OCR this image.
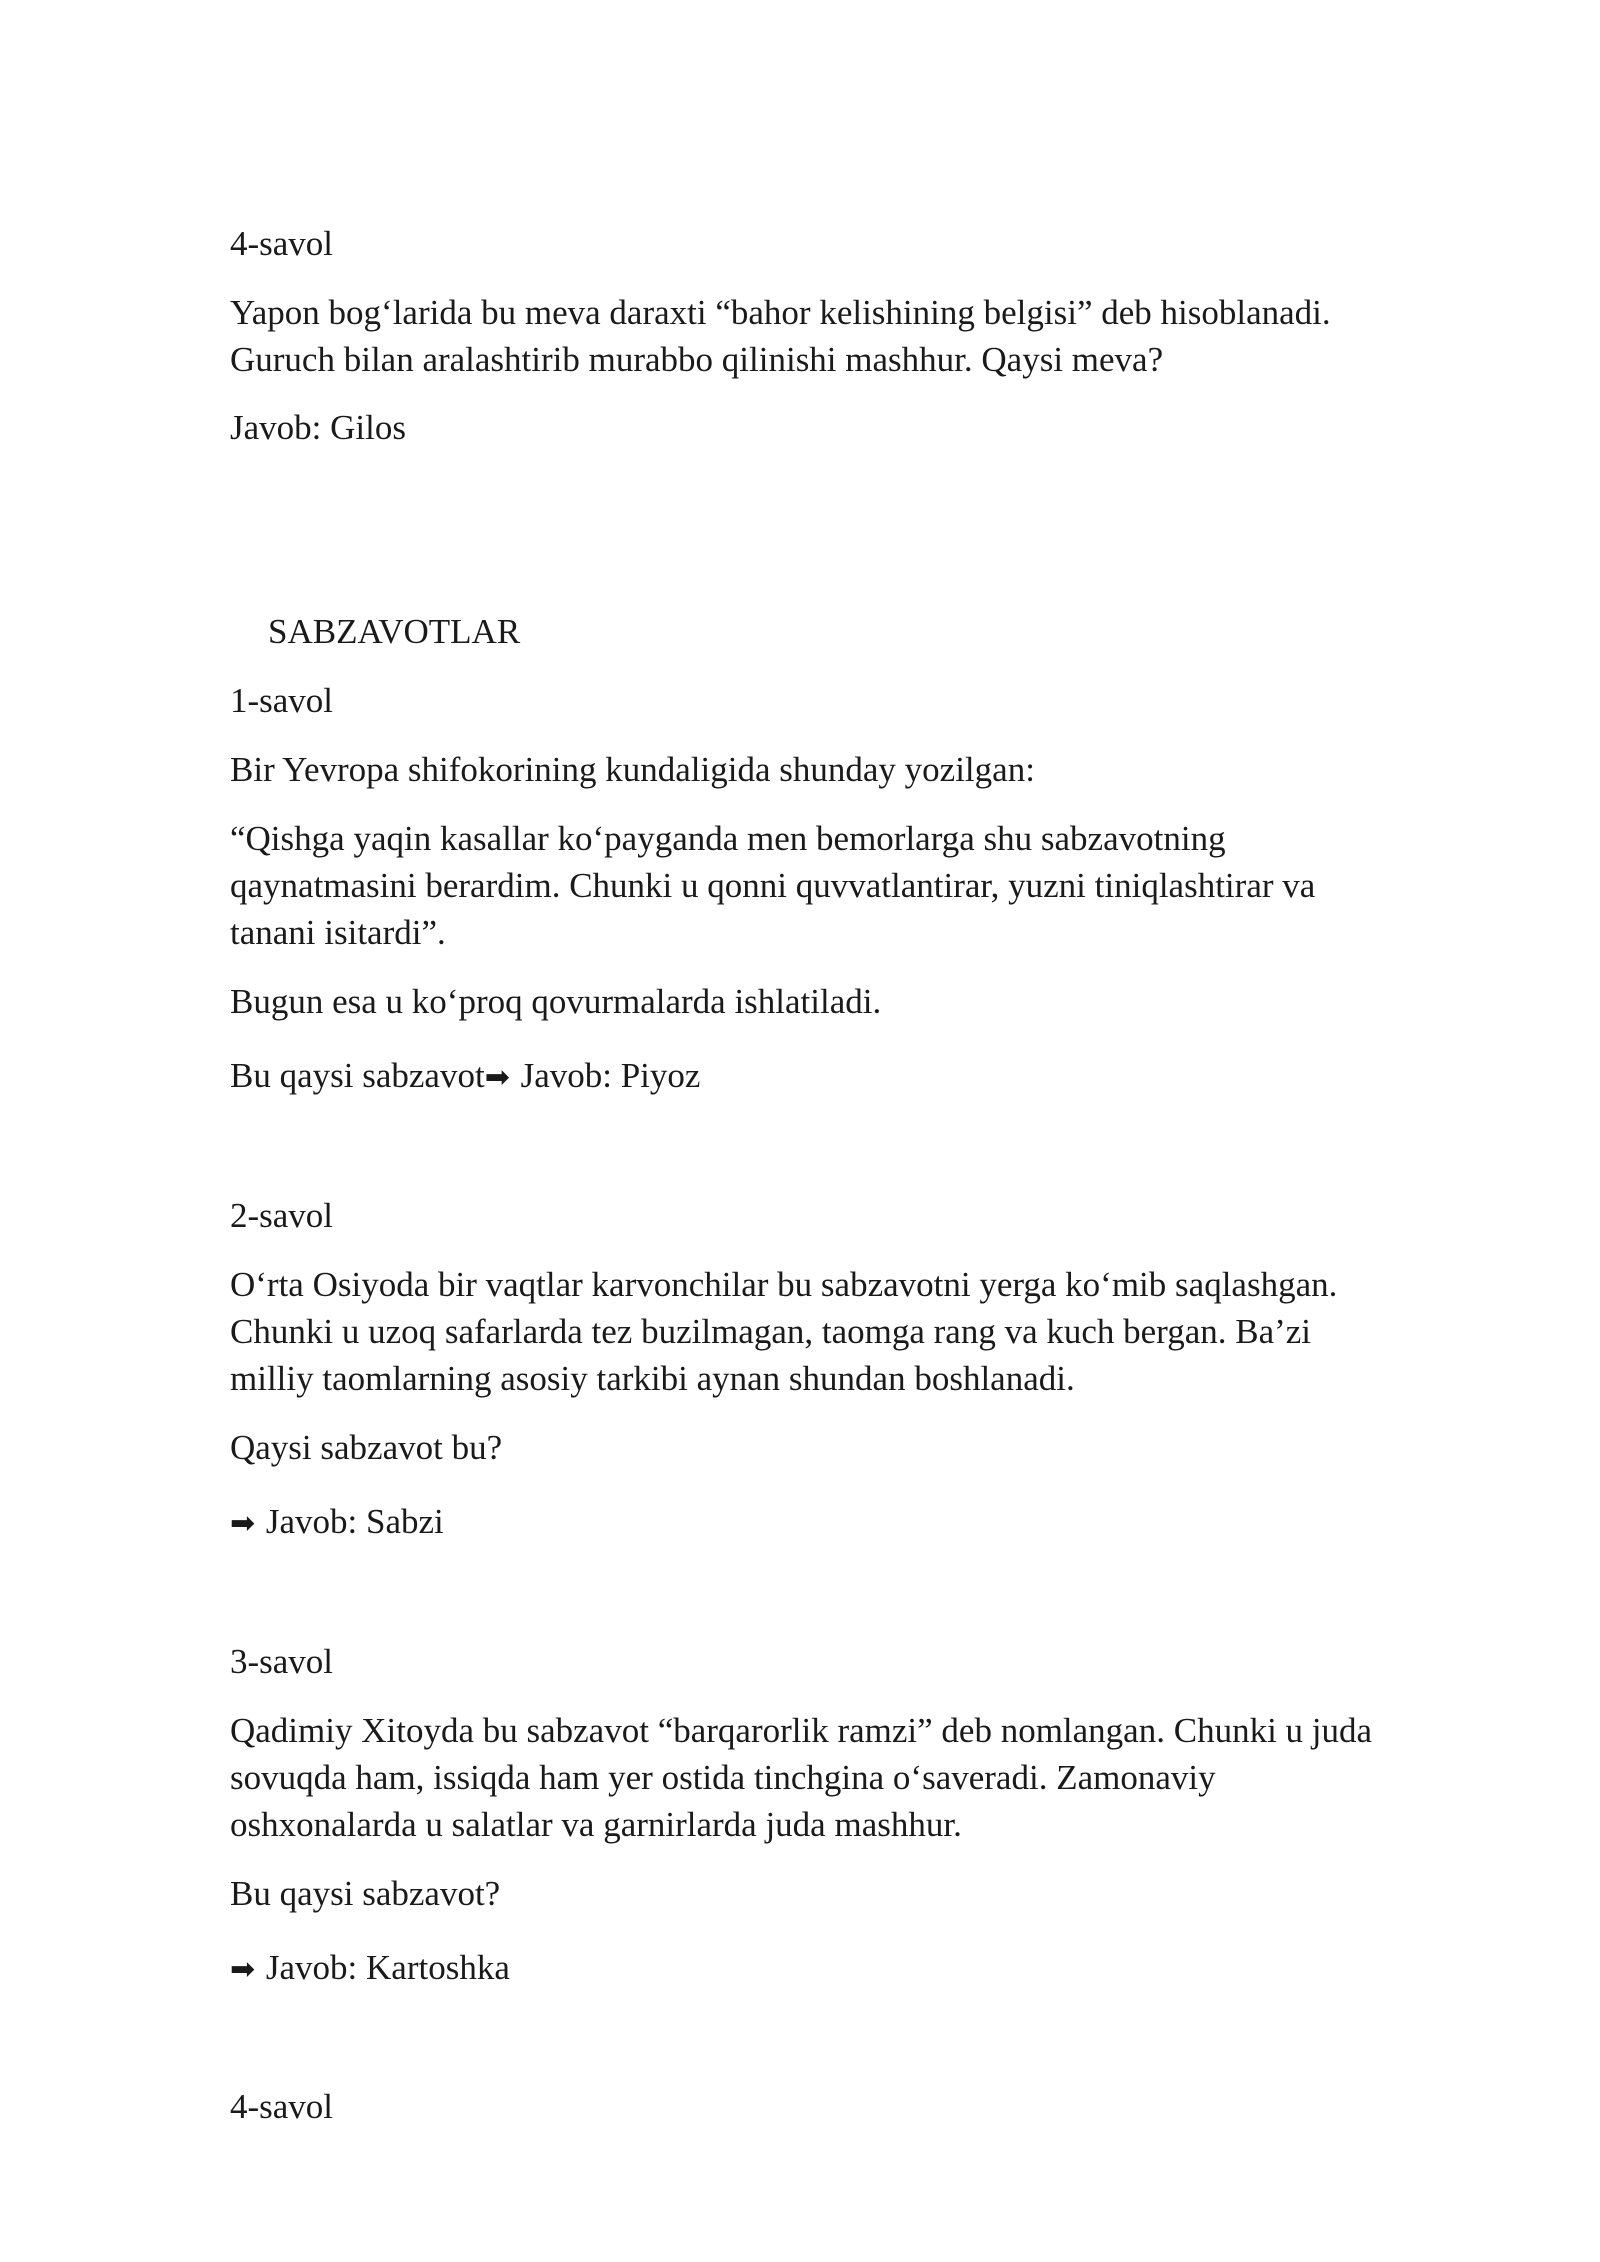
4-savol

Yapon bog‘larida bu meva daraxti “bahor kelishining belgisi” deb hisoblanadi.

Guruch bilan aralashtirib murabbo qilinishi mashhur. Qaysi meva?

Javob: Gilos

SABZAVOTLAR

1-savol

Bir Yevropa shifokorining kundaligida shunday yozilgan:

“Qishga yaqin kasallar ko‘payganda men bemorlarga shu sabzavotning

qaynatmasini berardim. Chunki u qonni quvvatlantirar, yuzni tiniqlashtirar va

tanani isitardi”.

Bugun esa u ko‘proq qovurmalarda ishlatiladi.

Bu qaysi sabzavot➡ Javob: Piyoz

2-savol

O‘rta Osiyoda bir vaqtlar karvonchilar bu sabzavotni yerga ko‘mib saqlashgan.

Chunki u uzoq safarlarda tez buzilmagan, taomga rang va kuch bergan. Ba’zi

milliy taomlarning asosiy tarkibi aynan shundan boshlanadi.

Qaysi sabzavot bu?

➡ Javob: Sabzi

3-savol

Qadimiy Xitoyda bu sabzavot “barqarorlik ramzi” deb nomlangan. Chunki u juda

sovuqda ham, issiqda ham yer ostida tinchgina o‘saveradi. Zamonaviy

oshxonalarda u salatlar va garnirlarda juda mashhur.

Bu qaysi sabzavot?

➡ Javob: Kartoshka

4-savol
